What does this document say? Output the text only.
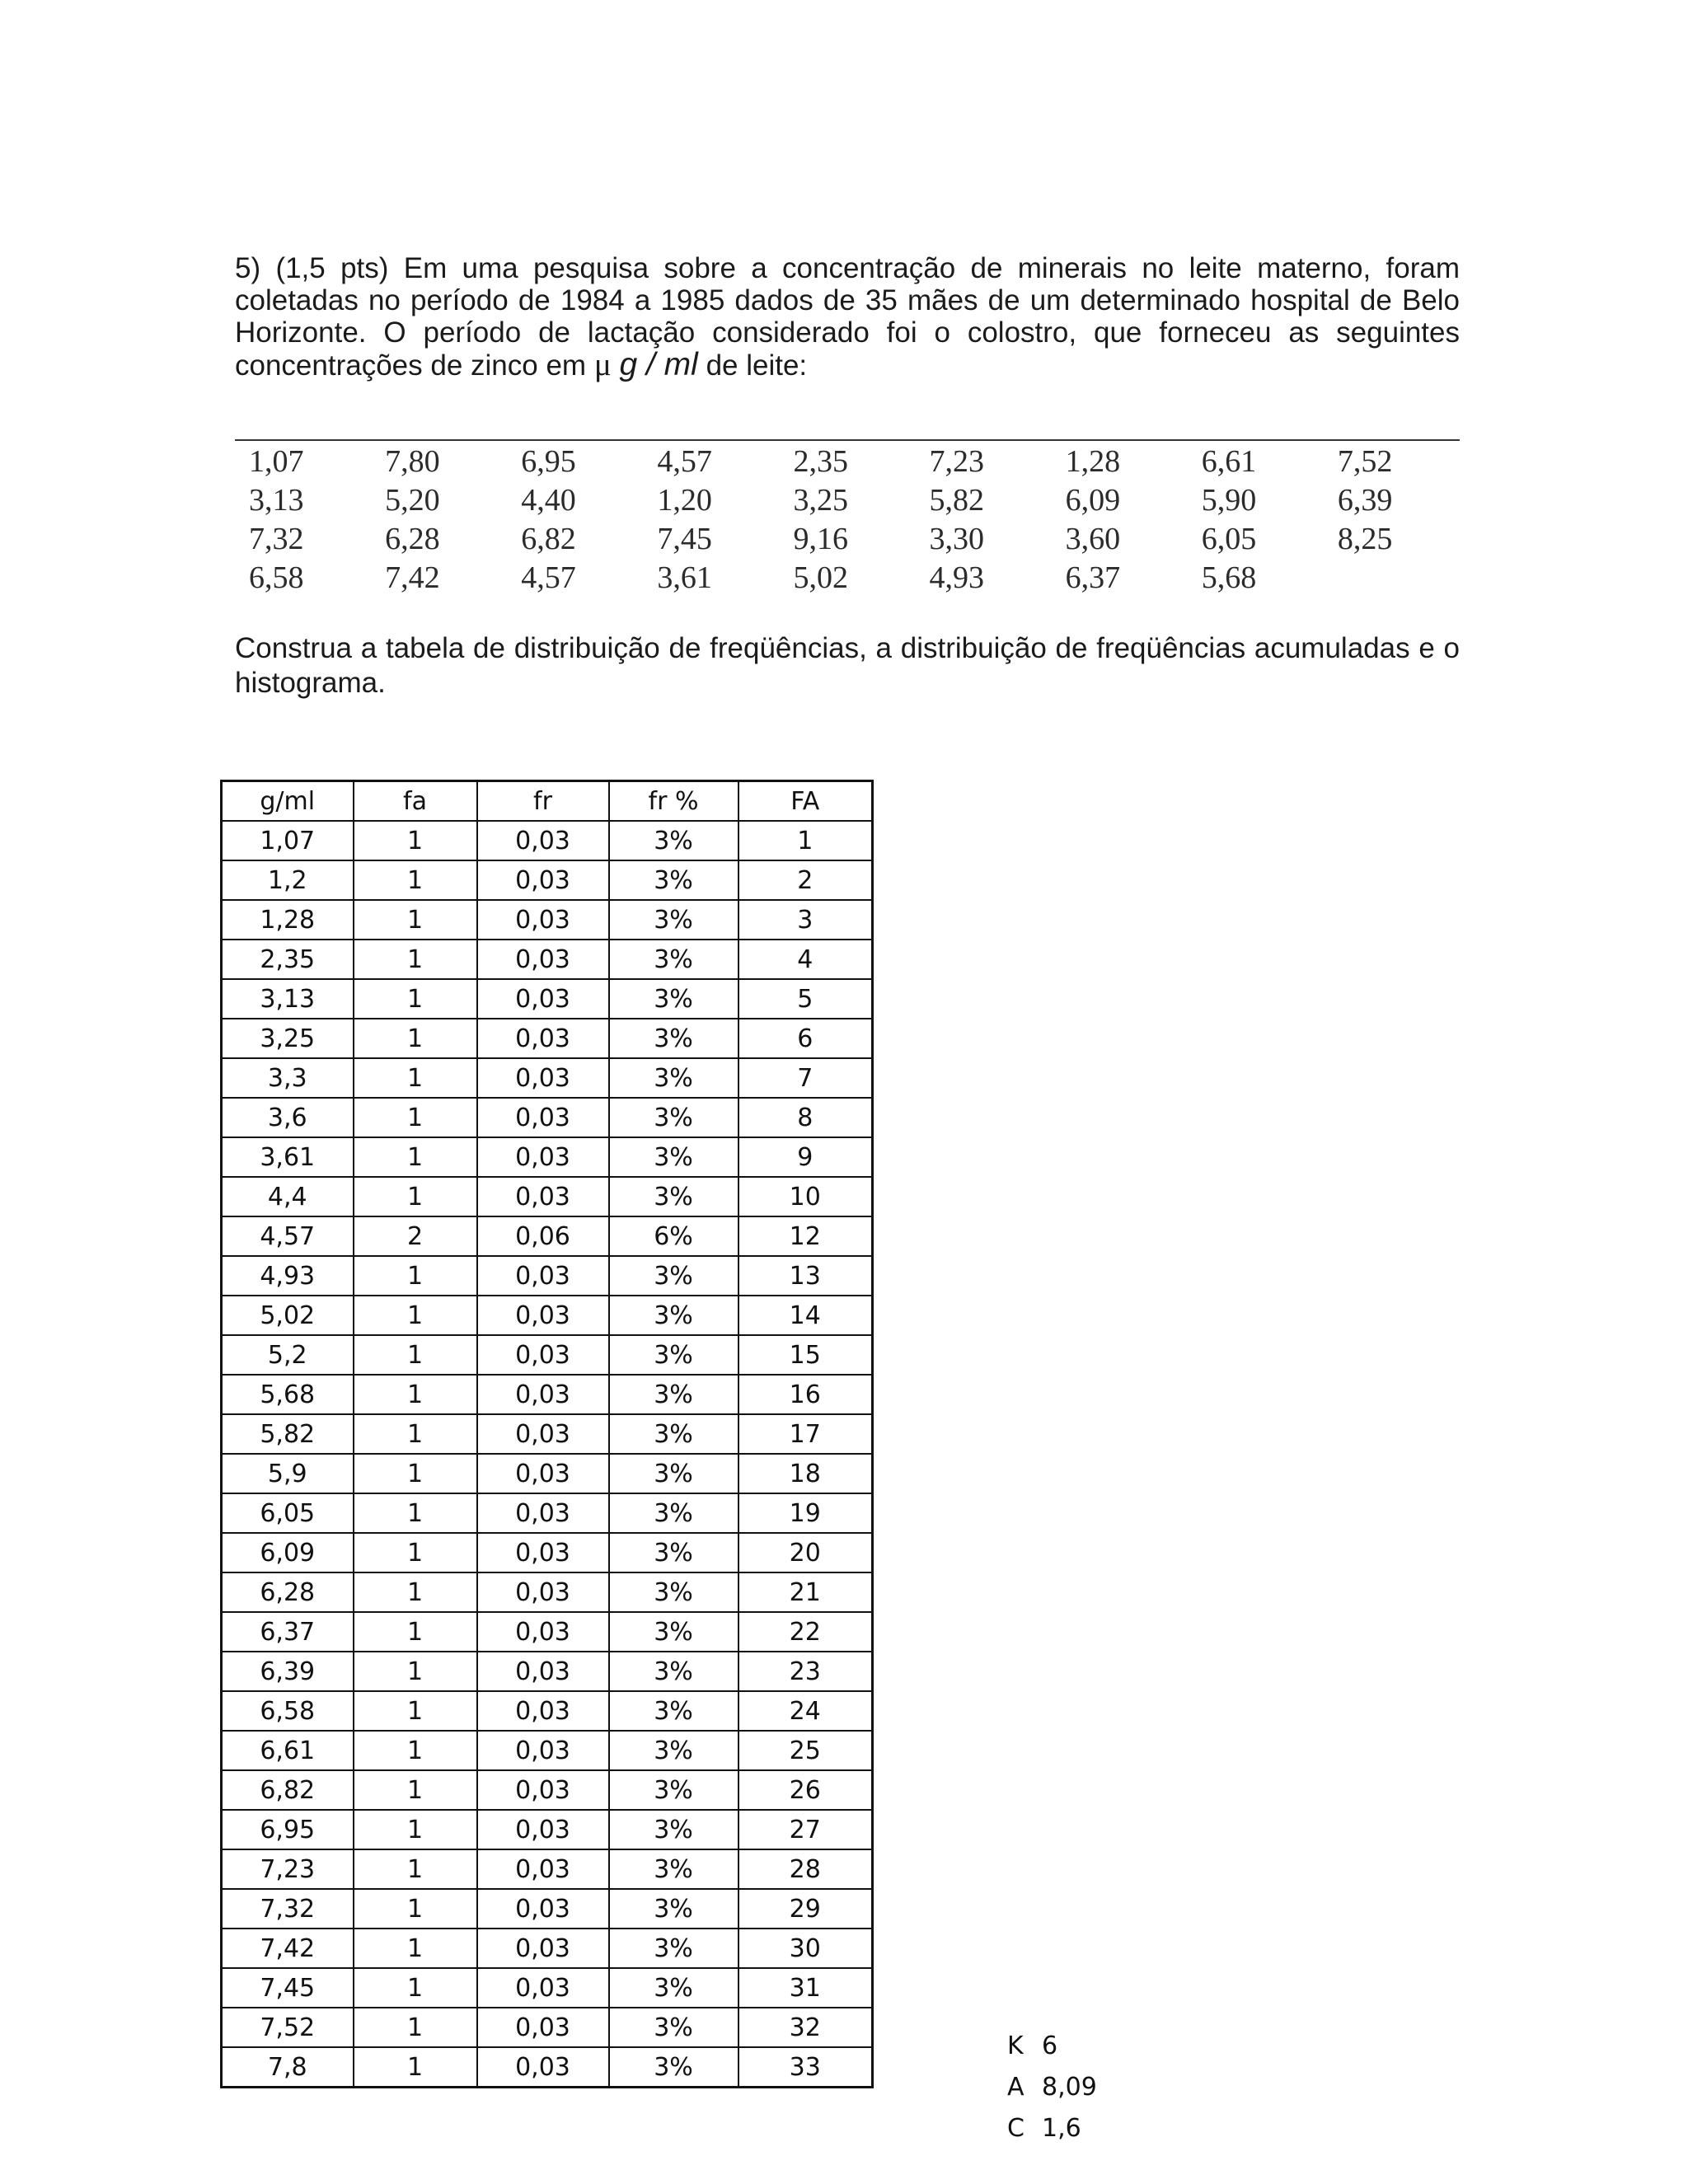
5) (1,5 pts) Em uma pesquisa sobre a concentração de minerais no leite materno, foram coletadas no período de 1984 a 1985 dados de 35 mães de um determinado hospital de Belo Horizonte. O período de lactação considerado foi o colostro, que forneceu as seguintes concentrações de zinco em μ g / ml de leite:

1,07	7,80	6,95	4,57	2,35	7,23	1,28	6,61	7,52
3,13	5,20	4,40	1,20	3,25	5,82	6,09	5,90	6,39
7,32	6,28	6,82	7,45	9,16	3,30	3,60	6,05	8,25
6,58	7,42	4,57	3,61	5,02	4,93	6,37	5,68

Construa a tabela de distribuição de freqüências, a distribuição de freqüências acumuladas e o histograma.

g/ml	fa	fr	fr %	FA
1,07	1	0,03	3%	1
1,2	1	0,03	3%	2
1,28	1	0,03	3%	3
2,35	1	0,03	3%	4
3,13	1	0,03	3%	5
3,25	1	0,03	3%	6
3,3	1	0,03	3%	7
3,6	1	0,03	3%	8
3,61	1	0,03	3%	9
4,4	1	0,03	3%	10
4,57	2	0,06	6%	12
4,93	1	0,03	3%	13
5,02	1	0,03	3%	14
5,2	1	0,03	3%	15
5,68	1	0,03	3%	16
5,82	1	0,03	3%	17
5,9	1	0,03	3%	18
6,05	1	0,03	3%	19
6,09	1	0,03	3%	20
6,28	1	0,03	3%	21
6,37	1	0,03	3%	22
6,39	1	0,03	3%	23
6,58	1	0,03	3%	24
6,61	1	0,03	3%	25
6,82	1	0,03	3%	26
6,95	1	0,03	3%	27
7,23	1	0,03	3%	28
7,32	1	0,03	3%	29
7,42	1	0,03	3%	30
7,45	1	0,03	3%	31
7,52	1	0,03	3%	32
7,8	1	0,03	3%	33
K 6
A 8,09
C 1,6
